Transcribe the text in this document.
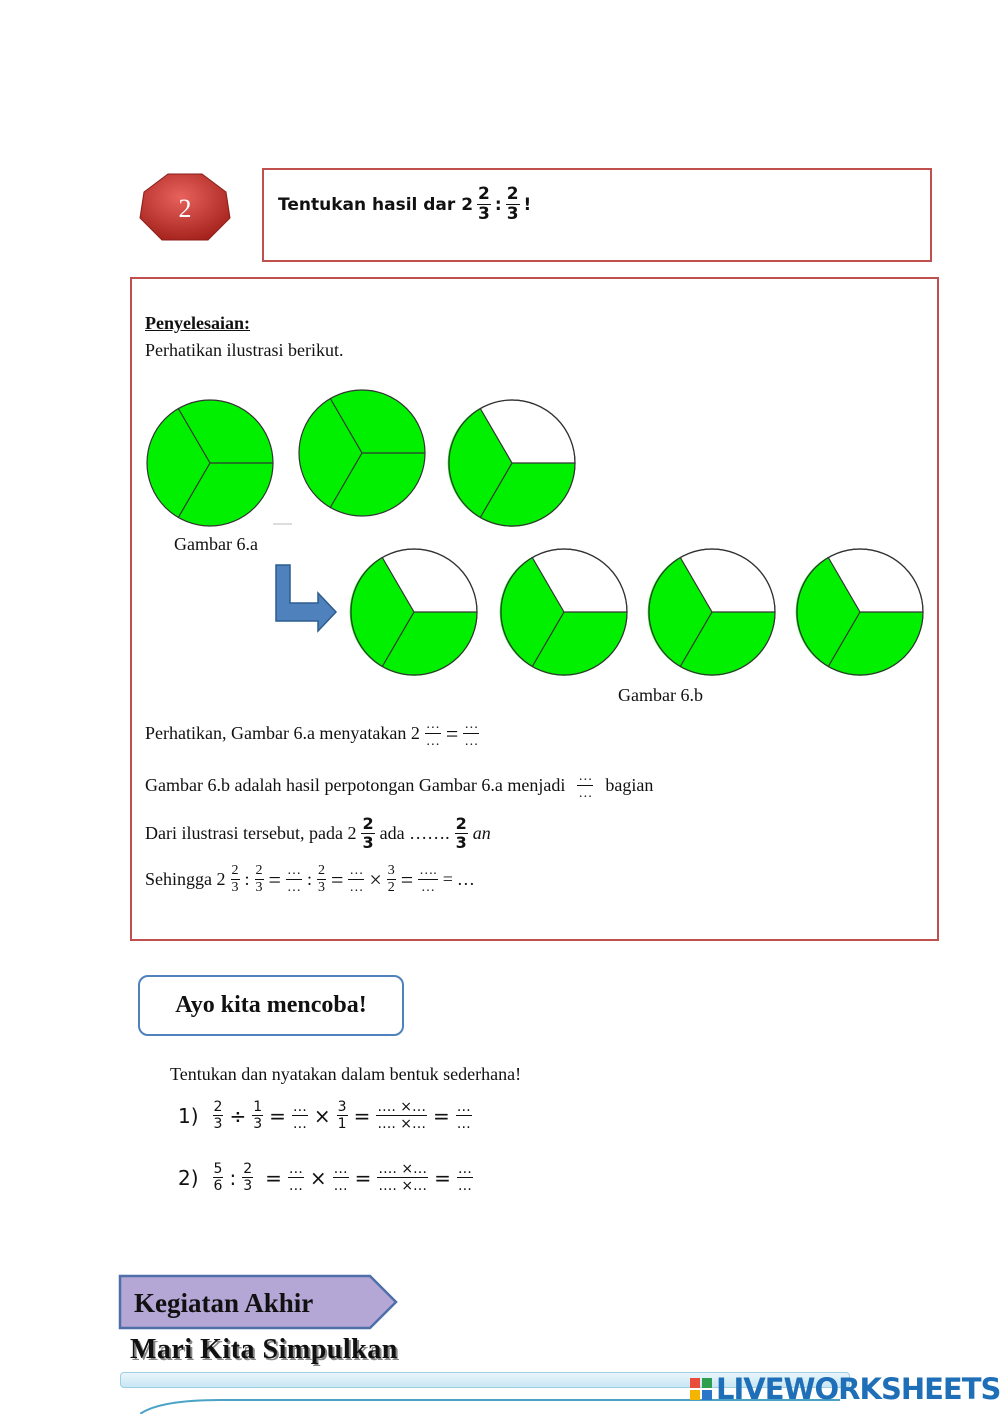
2	Tentukan hasil dar $2 \frac{2}{3}$ : $\frac{2}{3}$ !
Penyelesaian:
Perhatikan ilustrasi berikut.
Gambar 6.a
Gambar 6.b
Perhatikan, Gambar 6.a menyatakan $2 \frac{\dots}{\dots} = \frac{\dots}{\dots}$
Gambar 6.b adalah hasil perpotongan Gambar 6.a menjadi $\frac{\dots}{\dots}$ bagian
Dari ilustrasi tersebut, pada $2 \frac{2}{3}$ ada ……. $\frac{2}{3}$ an
Sehingga $2 \frac{2}{3}$ : $\frac{2}{3} = \frac{\dots}{\dots}$ : $\frac{2}{3} = \frac{\dots}{\dots} \times \frac{3}{2} = \frac{\dots.}{\dots}$ = …
Ayo kita mencoba!
Tentukan dan nyatakan dalam bentuk sederhana!
$1) \frac{2}{3} \div \frac{1}{3} = \frac{\dots}{\dots} \times \frac{3}{1} = \frac{\dots. \times\dots}{\dots. \times\dots} = \frac{\dots}{\dots}$
$2) \frac{5}{6}$ : $\frac{2}{3} = \frac{\dots}{\dots} \times \frac{\dots}{\dots} = \frac{\dots. \times\dots}{\dots. \times\dots} = \frac{\dots}{\dots}$
Kegiatan Akhir
Mari Kita Simpulkan
LIVEWORKSHEETS
